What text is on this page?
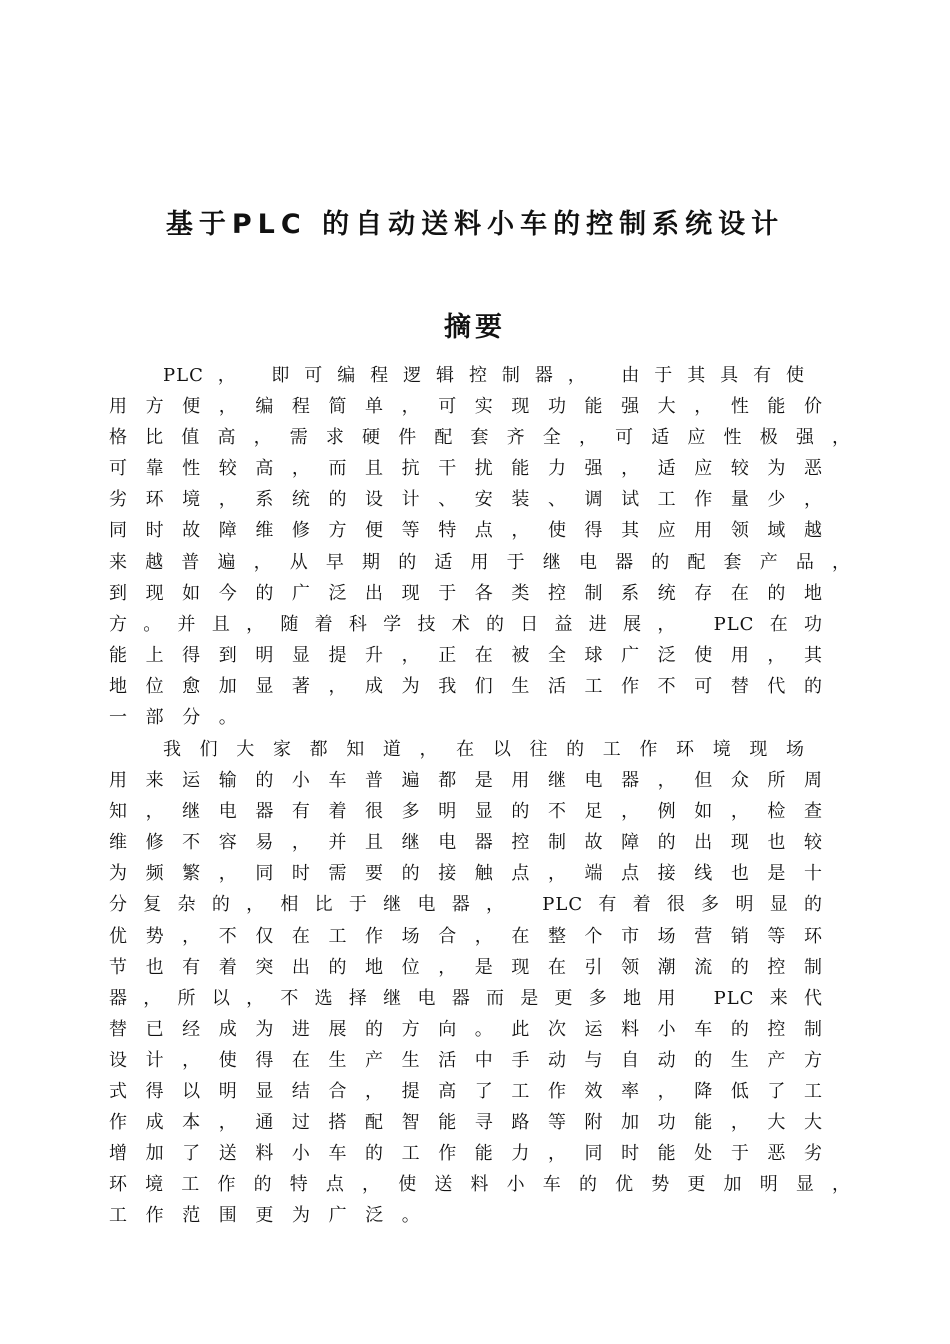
基于PLC 的自动送料小车的控制系统设计
摘要
PLC， 即可编程逻辑控制器， 由于其具有使
用方便，编程简单，可实现功能强大，性能价
格比值高，需求硬件配套齐全，可适应性极强，
可靠性较高，而且抗干扰能力强，适应较为恶
劣环境，系统的设计、安装、调试工作量少，
同时故障维修方便等特点，使得其应用领域越
来越普遍，从早期的适用于继电器的配套产品，
到现如今的广泛出现于各类控制系统存在的地
方。并且，随着科学技术的日益进展， PLC在功
能上得到明显提升，正在被全球广泛使用，其
地位愈加显著，成为我们生活工作不可替代的
一部分。
我们大家都知道，在以往的工作环境现场
用来运输的小车普遍都是用继电器，但众所周
知，继电器有着很多明显的不足，例如，检查
维修不容易，并且继电器控制故障的出现也较
为频繁，同时需要的接触点，端点接线也是十
分复杂的，相比于继电器， PLC有着很多明显的
优势，不仅在工作场合，在整个市场营销等环
节也有着突出的地位，是现在引领潮流的控制
器，所以，不选择继电器而是更多地用 PLC来代
替已经成为进展的方向。此次运料小车的控制
设计，使得在生产生活中手动与自动的生产方
式得以明显结合，提高了工作效率，降低了工
作成本，通过搭配智能寻路等附加功能，大大
增加了送料小车的工作能力，同时能处于恶劣
环境工作的特点，使送料小车的优势更加明显，
工作范围更为广泛。
